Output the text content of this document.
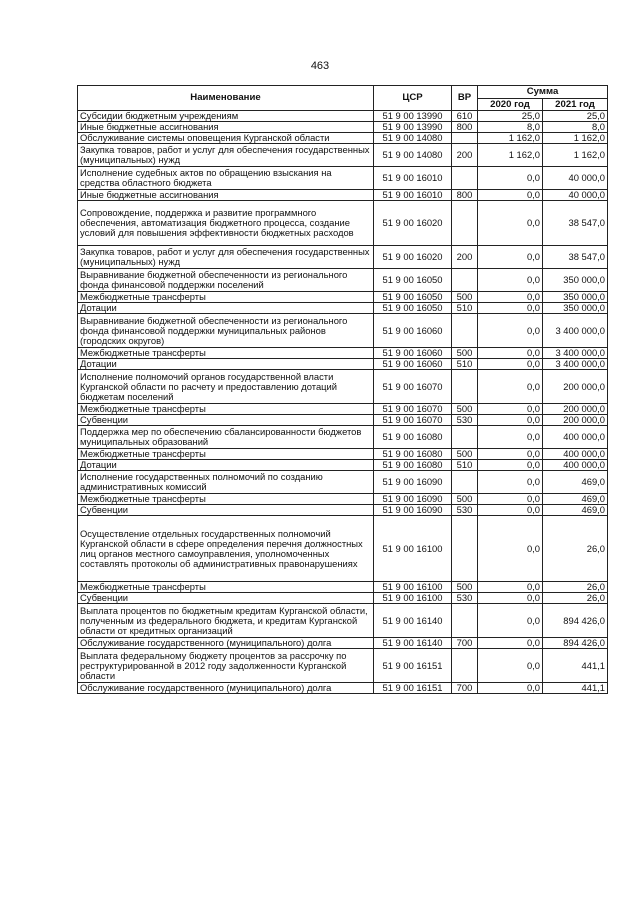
463
Наименование	ЦСР	ВР	Сумма	
			2020 год	2021 год
Субсидии бюджетным учреждениям	51 9 00 13990	610	25,0	25,0
Иные бюджетные ассигнования	51 9 00 13990	800	8,0	8,0
Обслуживание системы оповещения Курганской области	51 9 00 14080		1 162,0	1 162,0
Закупка товаров, работ и услуг для обеспечения государственных (муниципальных) нужд	51 9 00 14080	200	1 162,0	1 162,0
Исполнение судебных актов по обращению взыскания на средства областного бюджета	51 9 00 16010		0,0	40 000,0
Иные бюджетные ассигнования	51 9 00 16010	800	0,0	40 000,0
Сопровождение, поддержка и развитие программного обеспечения, автоматизация бюджетного процесса, создание условий для повышения эффективности бюджетных расходов	51 9 00 16020		0,0	38 547,0
Закупка товаров, работ и услуг для обеспечения государственных (муниципальных) нужд	51 9 00 16020	200	0,0	38 547,0
Выравнивание бюджетной обеспеченности из регионального фонда финансовой поддержки поселений	51 9 00 16050		0,0	350 000,0
Межбюджетные трансферты	51 9 00 16050	500	0,0	350 000,0
Дотации	51 9 00 16050	510	0,0	350 000,0
Выравнивание бюджетной обеспеченности из регионального фонда финансовой поддержки муниципальных районов (городских округов)	51 9 00 16060		0,0	3 400 000,0
Межбюджетные трансферты	51 9 00 16060	500	0,0	3 400 000,0
Дотации	51 9 00 16060	510	0,0	3 400 000,0
Исполнение полномочий органов государственной власти Курганской области по расчету и предоставлению дотаций бюджетам поселений	51 9 00 16070		0,0	200 000,0
Межбюджетные трансферты	51 9 00 16070	500	0,0	200 000,0
Субвенции	51 9 00 16070	530	0,0	200 000,0
Поддержка мер по обеспечению сбалансированности бюджетов муниципальных образований	51 9 00 16080		0,0	400 000,0
Межбюджетные трансферты	51 9 00 16080	500	0,0	400 000,0
Дотации	51 9 00 16080	510	0,0	400 000,0
Исполнение государственных полномочий по созданию административных комиссий	51 9 00 16090		0,0	469,0
Межбюджетные трансферты	51 9 00 16090	500	0,0	469,0
Субвенции	51 9 00 16090	530	0,0	469,0
Осуществление отдельных государственных полномочий Курганской области в сфере определения перечня должностных лиц органов местного самоуправления, уполномоченных составлять протоколы об административных правонарушениях	51 9 00 16100		0,0	26,0
Межбюджетные трансферты	51 9 00 16100	500	0,0	26,0
Субвенции	51 9 00 16100	530	0,0	26,0
Выплата процентов по бюджетным кредитам Курганской области, полученным из федерального бюджета, и кредитам Курганской области от кредитных организаций	51 9 00 16140		0,0	894 426,0
Обслуживание государственного (муниципального) долга	51 9 00 16140	700	0,0	894 426,0
Выплата федеральному бюджету процентов за рассрочку по реструктурированной в 2012 году задолженности Курганской области	51 9 00 16151		0,0	441,1
Обслуживание государственного (муниципального) долга	51 9 00 16151	700	0,0	441,1
